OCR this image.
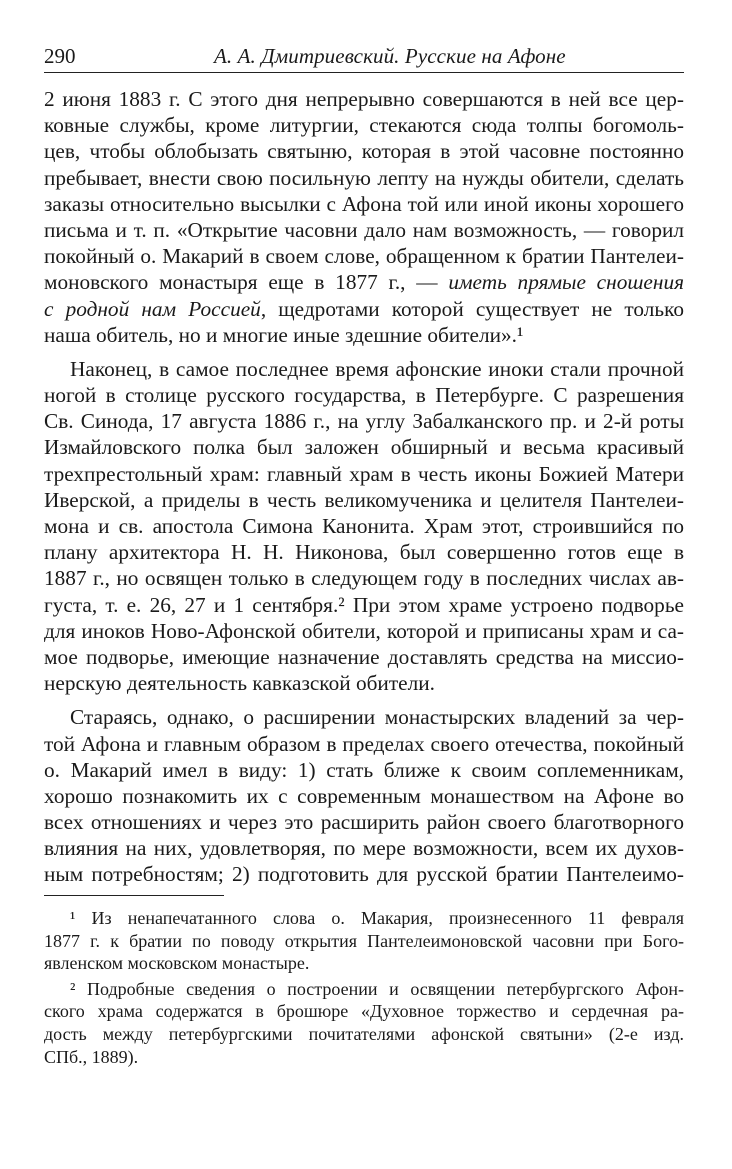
290	А. А. Дмитриевский. Русские на Афоне
2 июня 1883 г. С этого дня непрерывно совершаются в ней все цер-
ковные службы, кроме литургии, стекаются сюда толпы богомоль-
цев, чтобы облобызать святыню, которая в этой часовне постоянно
пребывает, внести свою посильную лепту на нужды обители, сделать
заказы относительно высылки с Афона той или иной иконы хорошего
письма и т. п. «Открытие часовни дало нам возможность, — говорил
покойный о. Макарий в своем слове, обращенном к братии Пантелеи-
моновского монастыря еще в 1877 г., — иметь прямые сношения
с родной нам Россией, щедротами которой существует не только
наша обитель, но и многие иные здешние обители».¹
Наконец, в самое последнее время афонские иноки стали прочной
ногой в столице русского государства, в Петербурге. С разрешения
Св. Синода, 17 августа 1886 г., на углу Забалканского пр. и 2-й роты
Измайловского полка был заложен обширный и весьма красивый
трехпрестольный храм: главный храм в честь иконы Божией Матери
Иверской, а приделы в честь великомученика и целителя Пантелеи-
мона и св. апостола Симона Канонита. Храм этот, строившийся по
плану архитектора Н. Н. Никонова, был совершенно готов еще в
1887 г., но освящен только в следующем году в последних числах ав-
густа, т. е. 26, 27 и 1 сентября.² При этом храме устроено подворье
для иноков Ново-Афонской обители, которой и приписаны храм и са-
мое подворье, имеющие назначение доставлять средства на миссио-
нерскую деятельность кавказской обители.
Стараясь, однако, о расширении монастырских владений за чер-
той Афона и главным образом в пределах своего отечества, покойный
о. Макарий имел в виду: 1) стать ближе к своим соплеменникам,
хорошо познакомить их с современным монашеством на Афоне во
всех отношениях и через это расширить район своего благотворного
влияния на них, удовлетворяя, по мере возможности, всем их духов-
ным потребностям; 2) подготовить для русской братии Пантелеимо-
¹ Из ненапечатанного слова о. Макария, произнесенного 11 февраля
1877 г. к братии по поводу открытия Пантелеимоновской часовни при Бого-
явленском московском монастыре.
² Подробные сведения о построении и освящении петербургского Афон-
ского храма содержатся в брошюре «Духовное торжество и сердечная ра-
дость между петербургскими почитателями афонской святыни» (2-е изд.
СПб., 1889).
